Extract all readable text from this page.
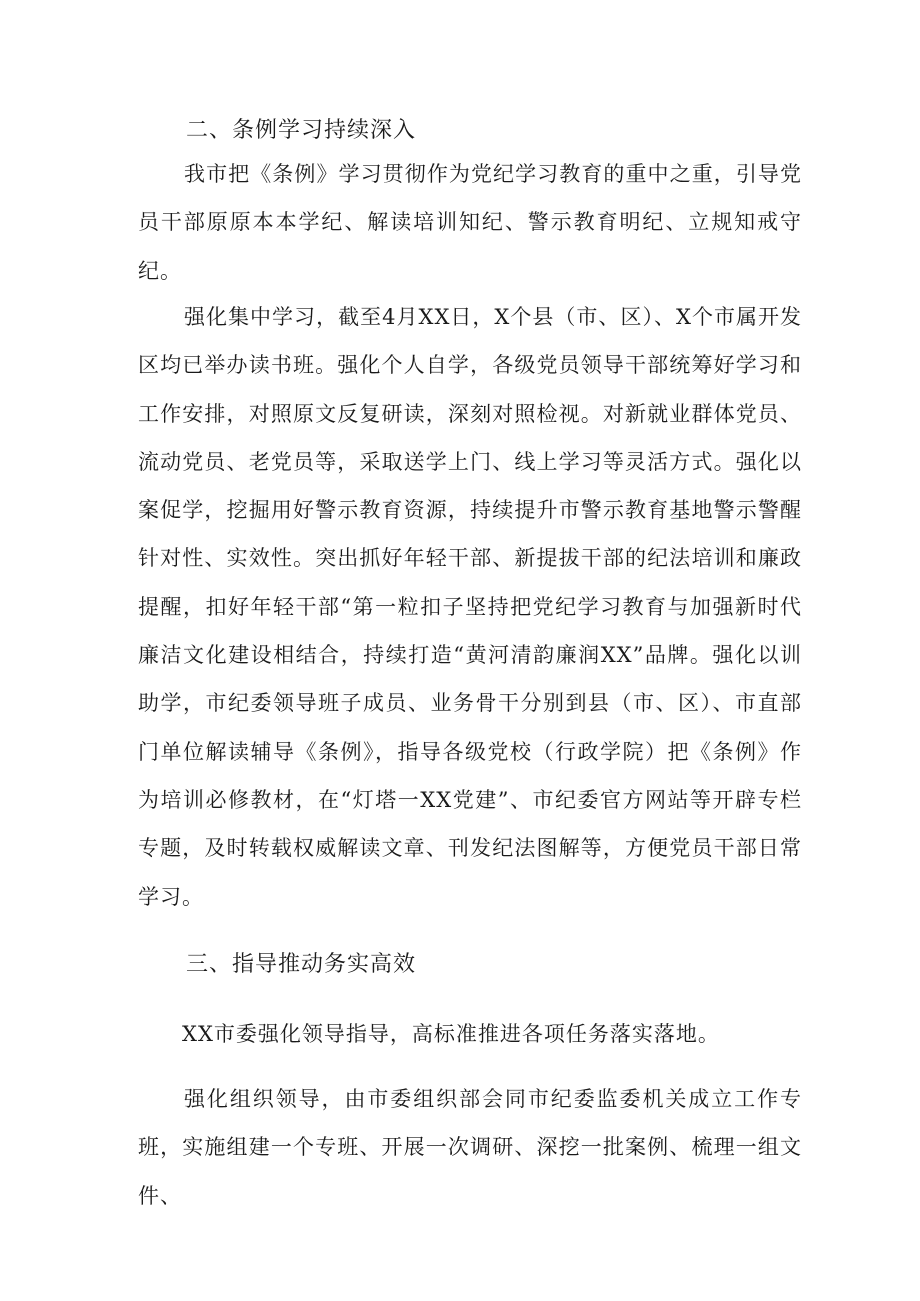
二、条例学习持续深入

我市把《条例》学习贯彻作为党纪学习教育的重中之重，引导党员干部原原本本学纪、解读培训知纪、警示教育明纪、立规知戒守纪。

强化集中学习，截至4月XX日，X个县（市、区）、X个市属开发区均已举办读书班。强化个人自学，各级党员领导干部统筹好学习和工作安排，对照原文反复研读，深刻对照检视。对新就业群体党员、流动党员、老党员等，采取送学上门、线上学习等灵活方式。强化以案促学，挖掘用好警示教育资源，持续提升市警示教育基地警示警醒针对性、实效性。突出抓好年轻干部、新提拔干部的纪法培训和廉政提醒，扣好年轻干部“第一粒扣子坚持把党纪学习教育与加强新时代廉洁文化建设相结合，持续打造“黄河清韵廉润XX”品牌。强化以训助学，市纪委领导班子成员、业务骨干分别到县（市、区）、市直部门单位解读辅导《条例》，指导各级党校（行政学院）把《条例》作为培训必修教材，在“灯塔一XX党建”、市纪委官方网站等开辟专栏专题，及时转载权威解读文章、刊发纪法图解等，方便党员干部日常学习。

三、指导推动务实高效

XX市委强化领导指导，高标准推进各项任务落实落地。

强化组织领导，由市委组织部会同市纪委监委机关成立工作专班，实施组建一个专班、开展一次调研、深挖一批案例、梳理一组文件、
